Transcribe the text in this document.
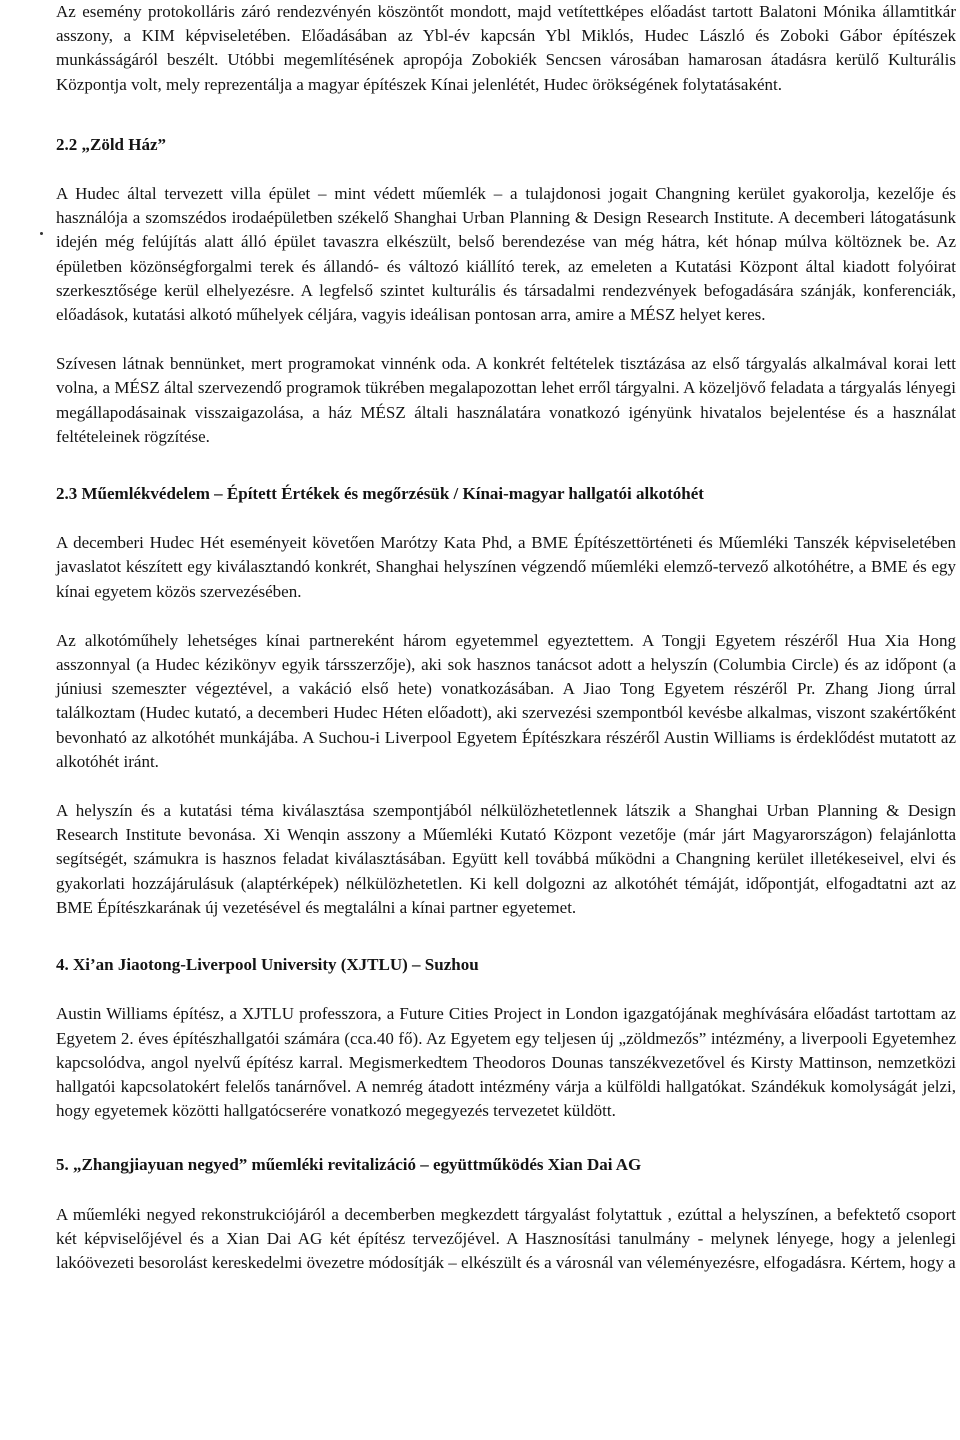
Az esemény protokolláris záró rendezvényén köszöntőt mondott, majd vetítettképes előadást tartott Balatoni Mónika államtitkár asszony, a KIM képviseletében. Előadásában az Ybl-év kapcsán Ybl Miklós, Hudec László és Zoboki Gábor építészek munkásságáról beszélt. Utóbbi megemlítésének apropója Zobokiék Sencsen városában hamarosan átadásra kerülő Kulturális Központja volt, mely reprezentálja a magyar építészek Kínai jelenlétét, Hudec örökségének folytatásaként.

2.2 „Zöld Ház”

A Hudec által tervezett villa épület – mint védett műemlék – a tulajdonosi jogait Changning kerület gyakorolja, kezelője és használója a szomszédos irodaépületben székelő Shanghai Urban Planning & Design Research Institute. A decemberi látogatásunk idején még felújítás alatt álló épület tavaszra elkészült, belső berendezése van még hátra, két hónap múlva költöznek be. Az épületben közönségforgalmi terek és állandó- és változó kiállító terek, az emeleten a Kutatási Központ által kiadott folyóirat szerkesztősége kerül elhelyezésre. A legfelső szintet kulturális és társadalmi rendezvények befogadására szánják, konferenciák, előadások, kutatási alkotó műhelyek céljára, vagyis ideálisan pontosan arra, amire a MÉSZ helyet keres.

Szívesen látnak bennünket, mert programokat vinnénk oda. A konkrét feltételek tisztázása az első tárgyalás alkalmával korai lett volna, a MÉSZ által szervezendő programok tükrében megalapozottan lehet erről tárgyalni. A közeljövő feladata a tárgyalás lényegi megállapodásainak visszaigazolása, a ház MÉSZ általi használatára vonatkozó igényünk hivatalos bejelentése és a használat feltételeinek rögzítése.

2.3 Műemlékvédelem – Épített Értékek és megőrzésük / Kínai-magyar hallgatói alkotóhét

A decemberi Hudec Hét eseményeit követően Marótzy Kata Phd, a BME Építészettörténeti és Műemléki Tanszék képviseletében javaslatot készített egy kiválasztandó konkrét, Shanghai helyszínen végzendő műemléki elemző-tervező alkotóhétre, a BME és egy kínai egyetem közös szervezésében.

Az alkotóműhely lehetséges kínai partnereként három egyetemmel egyeztettem. A Tongji Egyetem részéről Hua Xia Hong asszonnyal (a Hudec kézikönyv egyik társszerzője), aki sok hasznos tanácsot adott a helyszín (Columbia Circle) és az időpont (a júniusi szemeszter végeztével, a vakáció első hete) vonatkozásában. A Jiao Tong Egyetem részéről Pr. Zhang Jiong úrral találkoztam (Hudec kutató, a decemberi Hudec Héten előadott), aki szervezési szempontból kevésbe alkalmas, viszont szakértőként bevonható az alkotóhét munkájába. A Suchou-i Liverpool Egyetem Építészkara részéről Austin Williams is érdeklődést mutatott az alkotóhét iránt.

A helyszín és a kutatási téma kiválasztása szempontjából nélkülözhetetlennek látszik a Shanghai Urban Planning & Design Research Institute bevonása. Xi Wenqin asszony a Műemléki Kutató Központ vezetője (már járt Magyarországon) felajánlotta segítségét, számukra is hasznos feladat kiválasztásában. Együtt kell továbbá működni a Changning kerület illetékeseivel, elvi és gyakorlati hozzájárulásuk (alaptérképek) nélkülözhetetlen. Ki kell dolgozni az alkotóhét témáját, időpontját, elfogadtatni azt az BME Építészkarának új vezetésével és megtalálni a kínai partner egyetemet.

4. Xi’an Jiaotong-Liverpool University (XJTLU) – Suzhou

Austin Williams építész, a XJTLU professzora, a Future Cities Project in London igazgatójának meghívására előadást tartottam az Egyetem 2. éves építészhallgatói számára (cca.40 fő). Az Egyetem egy teljesen új „zöldmezős” intézmény, a liverpooli Egyetemhez kapcsolódva, angol nyelvű építész karral. Megismerkedtem Theodoros Dounas tanszékvezetővel és Kirsty Mattinson, nemzetközi hallgatói kapcsolatokért felelős tanárnővel. A nemrég átadott intézmény várja a külföldi hallgatókat. Szándékuk komolyságát jelzi, hogy egyetemek közötti hallgatócserére vonatkozó megegyezés tervezetet küldött.

5. „Zhangjiayuan negyed” műemléki revitalizáció – együttműködés Xian Dai AG

A műemléki negyed rekonstrukciójáról a decemberben megkezdett tárgyalást folytattuk , ezúttal a helyszínen, a befektető csoport két képviselőjével és a Xian Dai AG két építész tervezőjével. A Hasznosítási tanulmány - melynek lényege, hogy a jelenlegi lakóövezeti besorolást kereskedelmi övezetre módosítják – elkészült és a városnál van véleményezésre, elfogadásra. Kértem, hogy a
